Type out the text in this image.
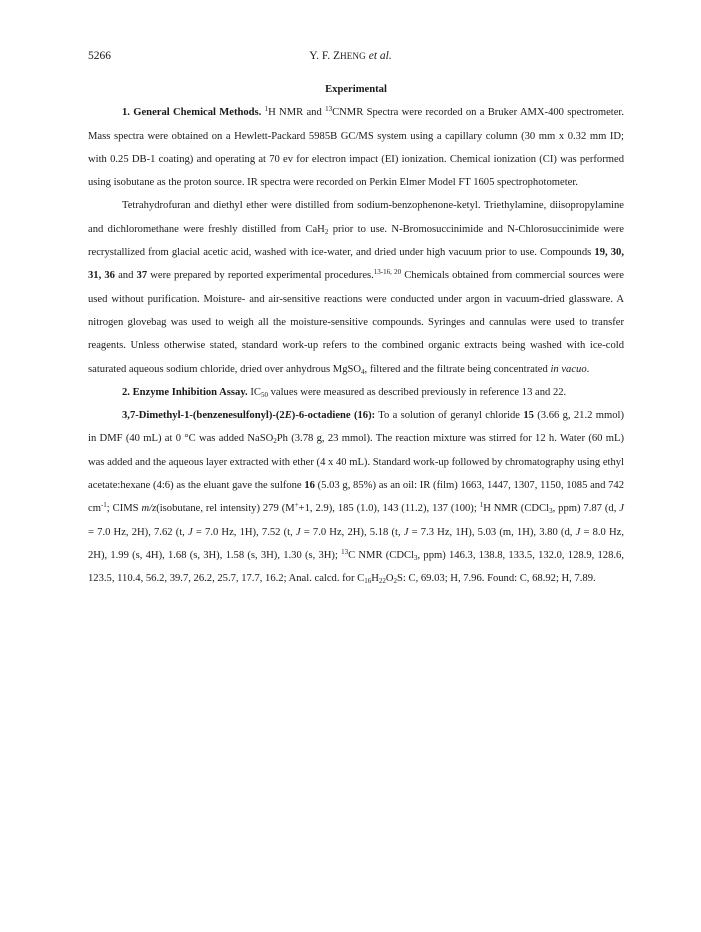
5266	Y. F. ZHENG et al.

Experimental

1. General Chemical Methods. $^1$H NMR and $^{13}$CNMR Spectra were recorded on a Bruker AMX-400 spectrometer. Mass spectra were obtained on a Hewlett-Packard 5985B GC/MS system using a capillary column (30 mm x 0.32 mm ID; with 0.25 DB-1 coating) and operating at 70 ev for electron impact (EI) ionization. Chemical ionization (CI) was performed using isobutane as the proton source. IR spectra were recorded on Perkin Elmer Model FT 1605 spectrophotometer.

Tetrahydrofuran and diethyl ether were distilled from sodium-benzophenone-ketyl. Triethylamine, diisopropylamine and dichloromethane were freshly distilled from CaH$_2$ prior to use. N-Bromosuccinimide and N-Chlorosuccinimide were recrystallized from glacial acetic acid, washed with ice-water, and dried under high vacuum prior to use. Compounds 19, 30, 31, 36 and 37 were prepared by reported experimental procedures.$^{13-16, 20}$ Chemicals obtained from commercial sources were used without purification. Moisture- and air-sensitive reactions were conducted under argon in vacuum-dried glassware. A nitrogen glovebag was used to weigh all the moisture-sensitive compounds. Syringes and cannulas were used to transfer reagents. Unless otherwise stated, standard work-up refers to the combined organic extracts being washed with ice-cold saturated aqueous sodium chloride, dried over anhydrous MgSO$_4$, filtered and the filtrate being concentrated in vacuo.

2. Enzyme Inhibition Assay. $IC_{50}$ values were measured as described previously in reference 13 and 22.

3,7-Dimethyl-1-(benzenesulfonyl)-(2E)-6-octadiene (16): To a solution of geranyl chloride 15 (3.66 g, 21.2 mmol) in DMF (40 mL) at 0 °C was added NaSO$_2$Ph (3.78 g, 23 mmol). The reaction mixture was stirred for 12 h. Water (60 mL) was added and the aqueous layer extracted with ether (4 x 40 mL). Standard work-up followed by chromatography using ethyl acetate:hexane (4:6) as the eluant gave the sulfone 16 (5.03 g, 85%) as an oil: IR (film) 1663, 1447, 1307, 1150, 1085 and 742 $cm^{-1}$; CIMS m/z(isobutane, rel intensity) 279 (M++1, 2.9), 185 (1.0), 143 (11.2), 137 (100); $^1$H NMR (CDCl$_3$, ppm) 7.87 (d, J = 7.0 Hz, 2H), 7.62 (t, J = 7.0 Hz, 1H), 7.52 (t, J = 7.0 Hz, 2H), 5.18 (t, J = 7.3 Hz, 1H), 5.03 (m, 1H), 3.80 (d, J = 8.0 Hz, 2H), 1.99 (s, 4H), 1.68 (s, 3H), 1.58 (s, 3H), 1.30 (s, 3H); $^{13}$C NMR (CDCl$_3$, ppm) 146.3, 138.8, 133.5, 132.0, 128.9, 128.6, 123.5, 110.4, 56.2, 39.7, 26.2, 25.7, 17.7, 16.2; Anal. calcd. for $C_{16}H_{22}O_2S$: C, 69.03; H, 7.96. Found: C, 68.92; H, 7.89.
